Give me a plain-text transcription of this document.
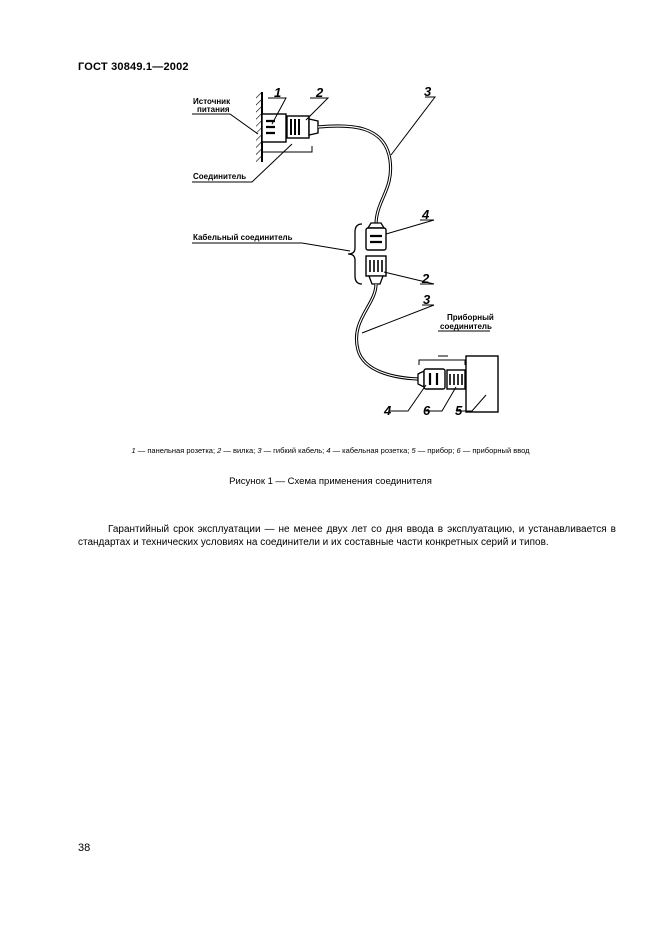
ГОСТ 30849.1—2002
Источник
питания
Соединитель
Кабельный соединитель
Приборный
соединитель
1	2	3
4
2
3
4 6 5
1 — панельная розетка; 2 — вилка; 3 — гибкий кабель; 4 — кабельная розетка; 5 — прибор; 6 — приборный ввод
Рисунок 1 — Схема применения соединителя

Гарантийный срок эксплуатации — не менее двух лет со дня ввода в эксплуатацию, и устанавливается в стандартах и технических условиях на соединители и их составные части конкретных серий и типов.

38
